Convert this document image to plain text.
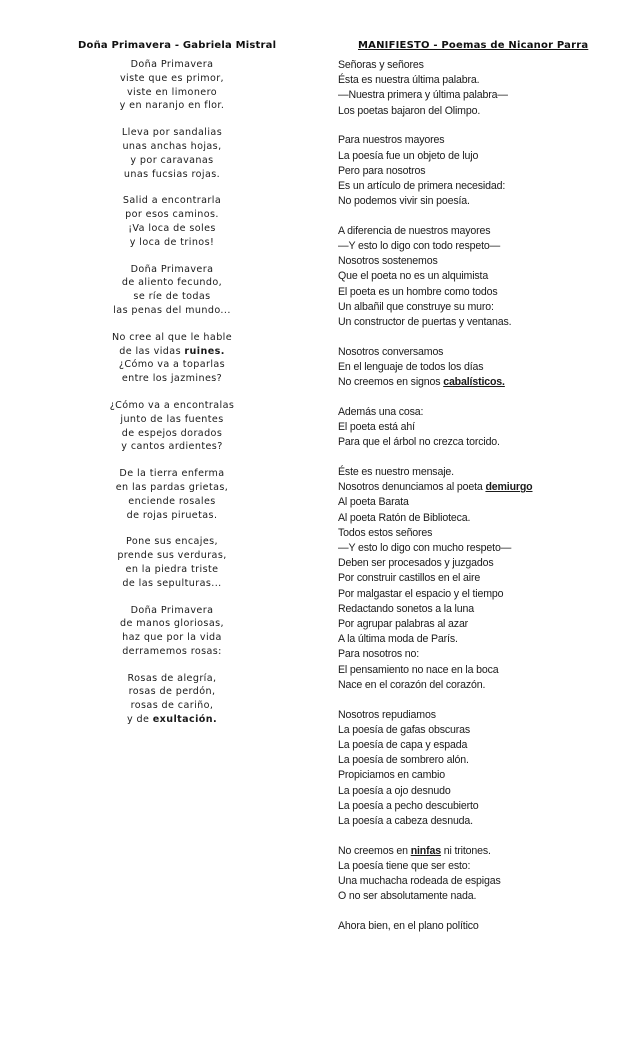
Doña Primavera - Gabriela Mistral
Doña Primavera
viste que es primor,
viste en limonero
y en naranjo en flor.
Lleva por sandalias
unas anchas hojas,
y por caravanas
unas fucsias rojas.
Salid a encontrarla
por esos caminos.
¡Va loca de soles
y loca de trinos!
Doña Primavera
de aliento fecundo,
se ríe de todas
las penas del mundo...
No cree al que le hable
de las vidas ruines.
¿Cómo va a toparlas
entre los jazmines?
¿Cómo va a encontralas
junto de las fuentes
de espejos dorados
y cantos ardientes?
De la tierra enferma
en las pardas grietas,
enciende rosales
de rojas piruetas.
Pone sus encajes,
prende sus verduras,
en la piedra triste
de las sepulturas...
Doña Primavera
de manos gloriosas,
haz que por la vida
derramemos rosas:
Rosas de alegría,
rosas de perdón,
rosas de cariño,
y de exultación.
MANIFIESTO - Poemas de Nicanor Parra
Señoras y señores
Ésta es nuestra última palabra.
—Nuestra primera y última palabra—
Los poetas bajaron del Olimpo.
Para nuestros mayores
La poesía fue un objeto de lujo
Pero para nosotros
Es un artículo de primera necesidad:
No podemos vivir sin poesía.
A diferencia de nuestros mayores
—Y esto lo digo con todo respeto—
Nosotros sostenemos
Que el poeta no es un alquimista
El poeta es un hombre como todos
Un albañil que construye su muro:
Un constructor de puertas y ventanas.
Nosotros conversamos
En el lenguaje de todos los días
No creemos en signos cabalísticos.
Además una cosa:
El poeta está ahí
Para que el árbol no crezca torcido.
Éste es nuestro mensaje.
Nosotros denunciamos al poeta demiurgo
Al poeta Barata
Al poeta Ratón de Biblioteca.
Todos estos señores
—Y esto lo digo con mucho respeto—
Deben ser procesados y juzgados
Por construir castillos en el aire
Por malgastar el espacio y el tiempo
Redactando sonetos a la luna
Por agrupar palabras al azar
A la última moda de París.
Para nosotros no:
El pensamiento no nace en la boca
Nace en el corazón del corazón.
Nosotros repudiamos
La poesía de gafas obscuras
La poesía de capa y espada
La poesía de sombrero alón.
Propiciamos en cambio
La poesía a ojo desnudo
La poesía a pecho descubierto
La poesía a cabeza desnuda.
No creemos en ninfas ni tritones.
La poesía tiene que ser esto:
Una muchacha rodeada de espigas
O no ser absolutamente nada.
Ahora bien, en el plano político
